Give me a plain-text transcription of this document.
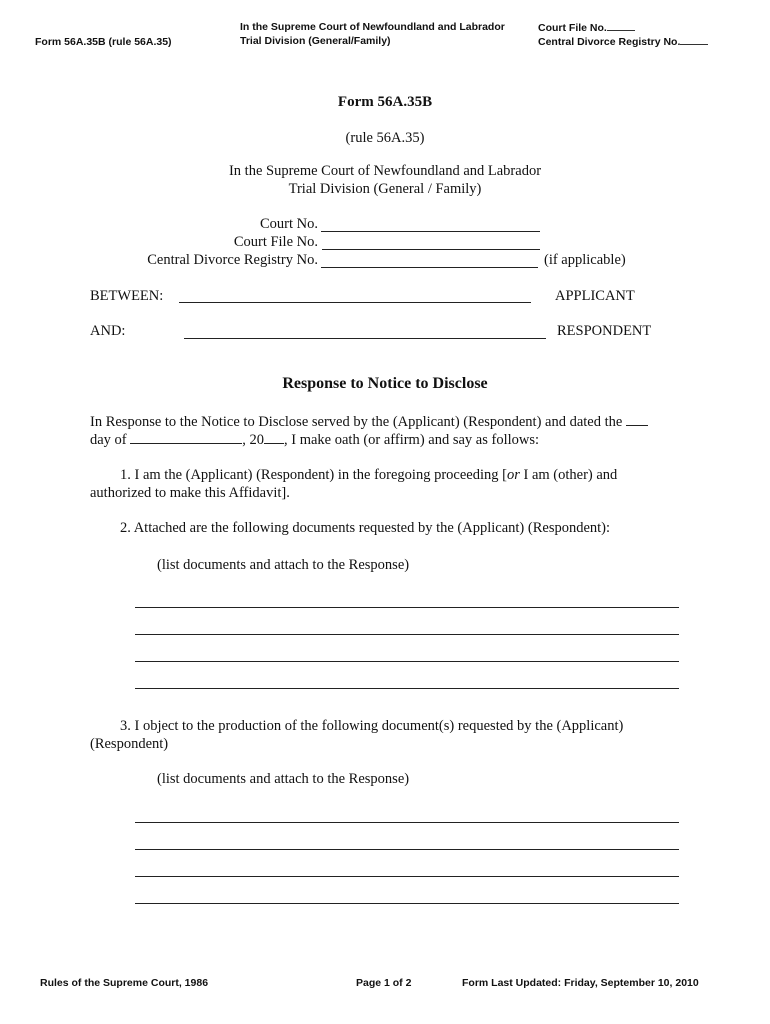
Form 56A.35B (rule 56A.35)
In the Supreme Court of Newfoundland and Labrador
Trial Division (General/Family)
Court File No.
Central Divorce Registry No.
Form 56A.35B
(rule 56A.35)
In the Supreme Court of Newfoundland and Labrador
Trial Division (General / Family)
Court No.
Court File No.
Central Divorce Registry No.	(if applicable)
BETWEEN:	APPLICANT
AND:	RESPONDENT
Response to Notice to Disclose
In Response to the Notice to Disclose served by the (Applicant) (Respondent) and dated the
day of	, 20 , I make oath (or affirm) and say as follows:
1. I am the (Applicant) (Respondent) in the foregoing proceeding [or I am (other) and
authorized to make this Affidavit].
2. Attached are the following documents requested by the (Applicant) (Respondent):
(list documents and attach to the Response)
3. I object to the production of the following document(s) requested by the (Applicant)
(Respondent)
(list documents and attach to the Response)
Rules of the Supreme Court, 1986	Page 1 of 2	Form Last Updated: Friday, September 10, 2010
